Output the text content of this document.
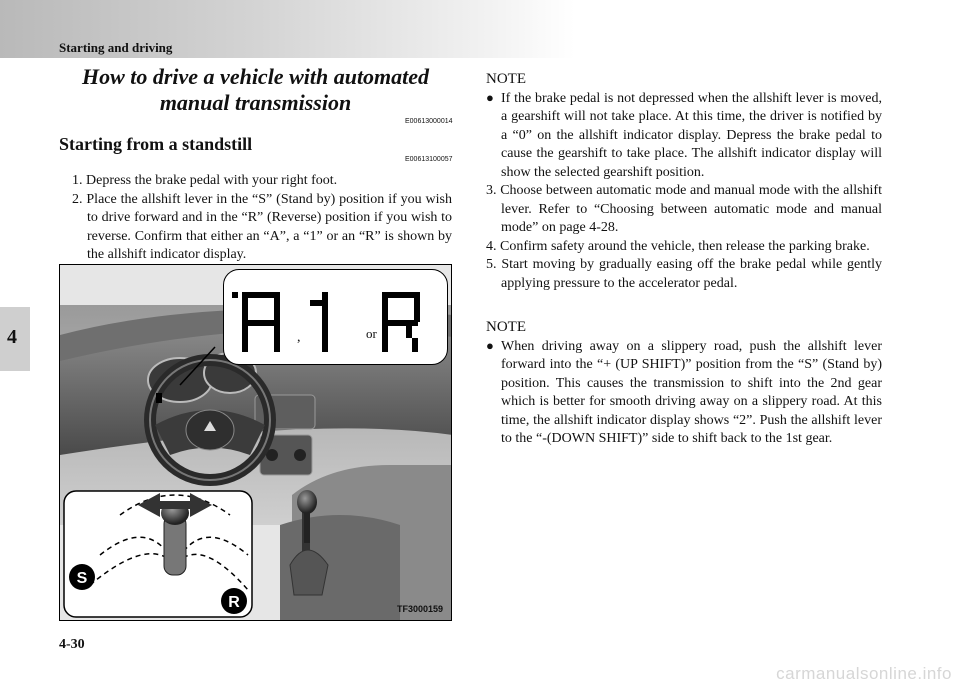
Starting and driving
4
How to drive a vehicle with automated manual transmission
E00613000014
Starting from a standstill
E00613100057

1. Depress the brake pedal with your right foot.

2. Place the allshift lever in the “S” (Stand by) position if you wish to drive forward and in the “R” (Reverse) position if you wish to reverse. Confirm that either an “A”, a “1” or an “R” is shown by the allshift indicator display.

S
R
A	1	R
,	or
TF3000159
NOTE

● If the brake pedal is not depressed when the allshift lever is moved, a gearshift will not take place. At this time, the driver is notified by a “0” on the allshift indicator display. Depress the brake pedal to cause the gearshift to take place. The allshift indicator display will show the selected gearshift position.

3. Choose between automatic mode and manual mode with the allshift lever. Refer to “Choosing between automatic mode and manual mode” on page 4-28.

4. Confirm safety around the vehicle, then release the parking brake.

5. Start moving by gradually easing off the brake pedal while gently applying pressure to the accelerator pedal.

NOTE

● When driving away on a slippery road, push the allshift lever forward into the “+ (UP SHIFT)” position from the “S” (Stand by) position. This causes the transmission to shift into the 2nd gear which is better for smooth driving away on a slippery road. At this time, the allshift indicator display shows “2”. Push the allshift lever to the “-(DOWN SHIFT)” side to shift back to the 1st gear.

4-30
carmanualsonline.info
